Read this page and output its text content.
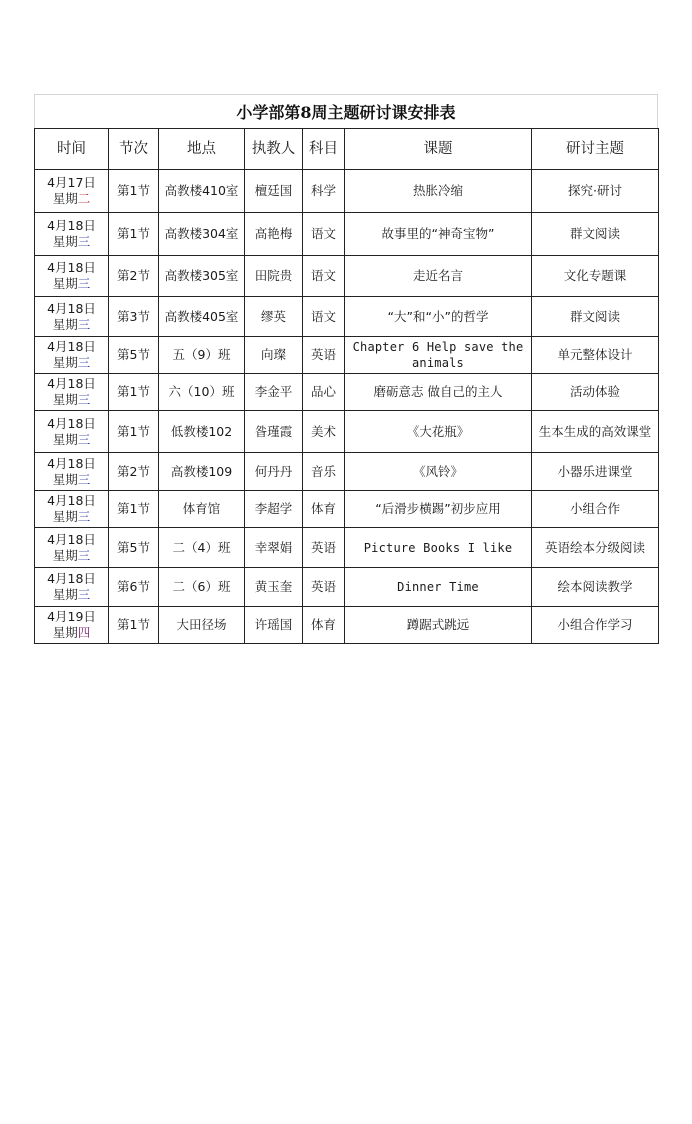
小学部第8周主题研讨课安排表
时间	节次	地点	执教人	科目	课题	研讨主题

4月17日
星期二	第1节	高教楼410室	檀廷国	科学	热胀冷缩	探究·研讨

4月18日
星期三	第1节	高教楼304室	高艳梅	语文	故事里的“神奇宝物”	群文阅读

4月18日
星期三	第2节	高教楼305室	田院贵	语文	走近名言	文化专题课

4月18日
星期三	第3节	高教楼405室	缪英	语文	“大”和“小”的哲学	群文阅读

4月18日
星期三	第5节	五（9）班	向璨	英语	Chapter 6 Help save the animals	单元整体设计

4月18日
星期三	第1节	六（10）班	李金平	品心	磨砺意志 做自己的主人	活动体验

4月18日
星期三	第1节	低教楼102	昝瑾霞	美术	《大花瓶》	生本生成的高效课堂

4月18日
星期三	第2节	高教楼109	何丹丹	音乐	《风铃》	小器乐进课堂

4月18日
星期三	第1节	体育馆	李超学	体育	“后滑步横踢”初步应用	小组合作

4月18日
星期三	第5节	二（4）班	幸翠娟	英语	Picture Books I like	英语绘本分级阅读

4月18日
星期三	第6节	二（6）班	黄玉奎	英语	Dinner Time	绘本阅读教学

4月19日
星期四	第1节	大田径场	许瑶国	体育	蹲踞式跳远	小组合作学习
